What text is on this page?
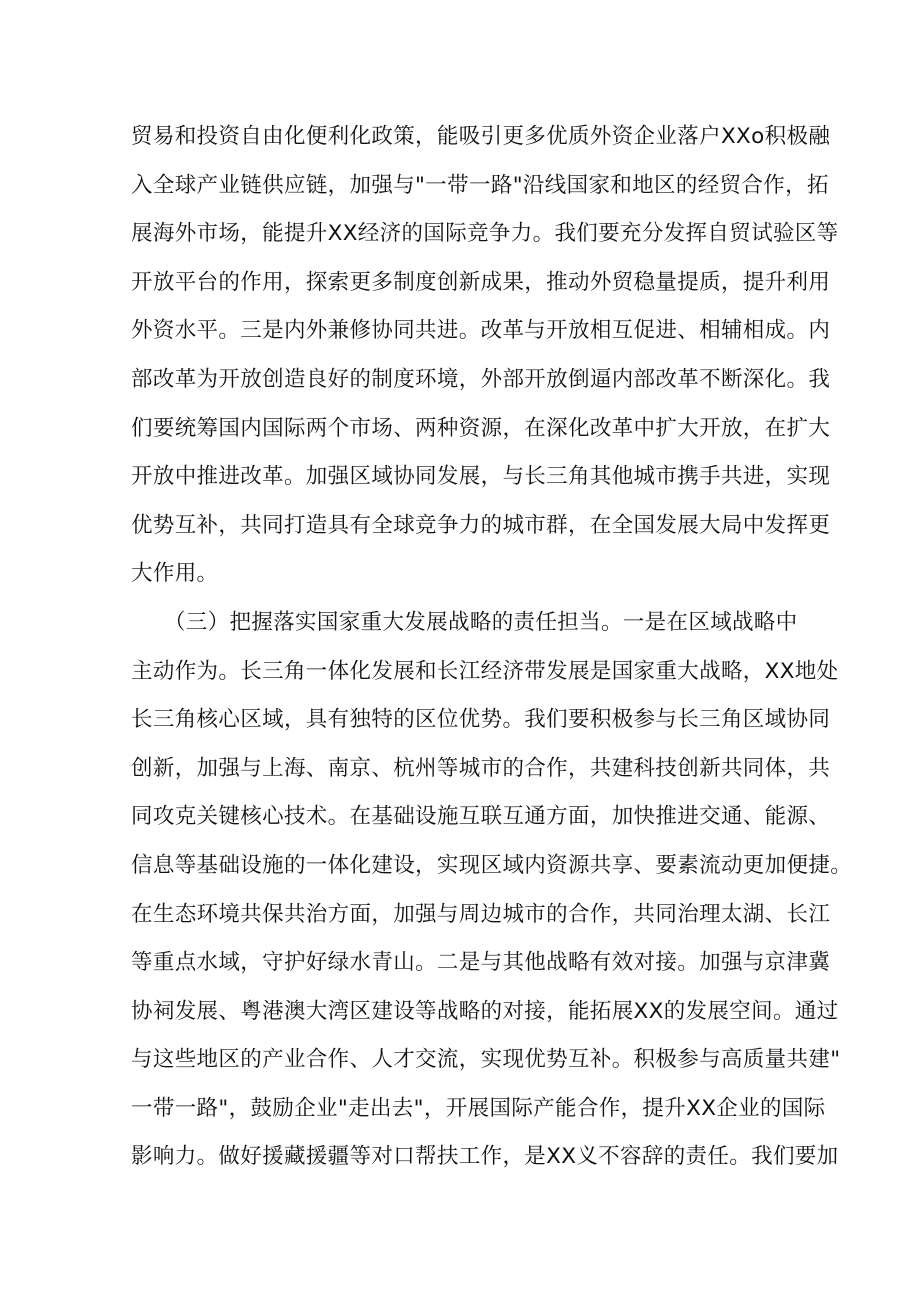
贸易和投资自由化便利化政策，能吸引更多优质外资企业落户XXo积极融
入全球产业链供应链，加强与"一带一路"沿线国家和地区的经贸合作，拓
展海外市场，能提升XX经济的国际竞争力。我们要充分发挥自贸试验区等
开放平台的作用，探索更多制度创新成果，推动外贸稳量提质，提升利用
外资水平。三是内外兼修协同共进。改革与开放相互促进、相辅相成。内
部改革为开放创造良好的制度环境，外部开放倒逼内部改革不断深化。我
们要统筹国内国际两个市场、两种资源，在深化改革中扩大开放，在扩大
开放中推进改革。加强区域协同发展，与长三角其他城市携手共进，实现
优势互补，共同打造具有全球竞争力的城市群，在全国发展大局中发挥更
大作用。
　　（三）把握落实国家重大发展战略的责任担当。一是在区域战略中
主动作为。长三角一体化发展和长江经济带发展是国家重大战略，XX地处
长三角核心区域，具有独特的区位优势。我们要积极参与长三角区域协同
创新，加强与上海、南京、杭州等城市的合作，共建科技创新共同体，共
同攻克关键核心技术。在基础设施互联互通方面，加快推进交通、能源、
信息等基础设施的一体化建设，实现区域内资源共享、要素流动更加便捷。
在生态环境共保共治方面，加强与周边城市的合作，共同治理太湖、长江
等重点水域，守护好绿水青山。二是与其他战略有效对接。加强与京津冀
协祠发展、粤港澳大湾区建设等战略的对接，能拓展XX的发展空间。通过
与这些地区的产业合作、人才交流，实现优势互补。积极参与高质量共建"
一带一路"，鼓励企业"走出去"，开展国际产能合作，提升XX企业的国际
影响力。做好援藏援疆等对口帮扶工作，是XX义不容辞的责任。我们要加
